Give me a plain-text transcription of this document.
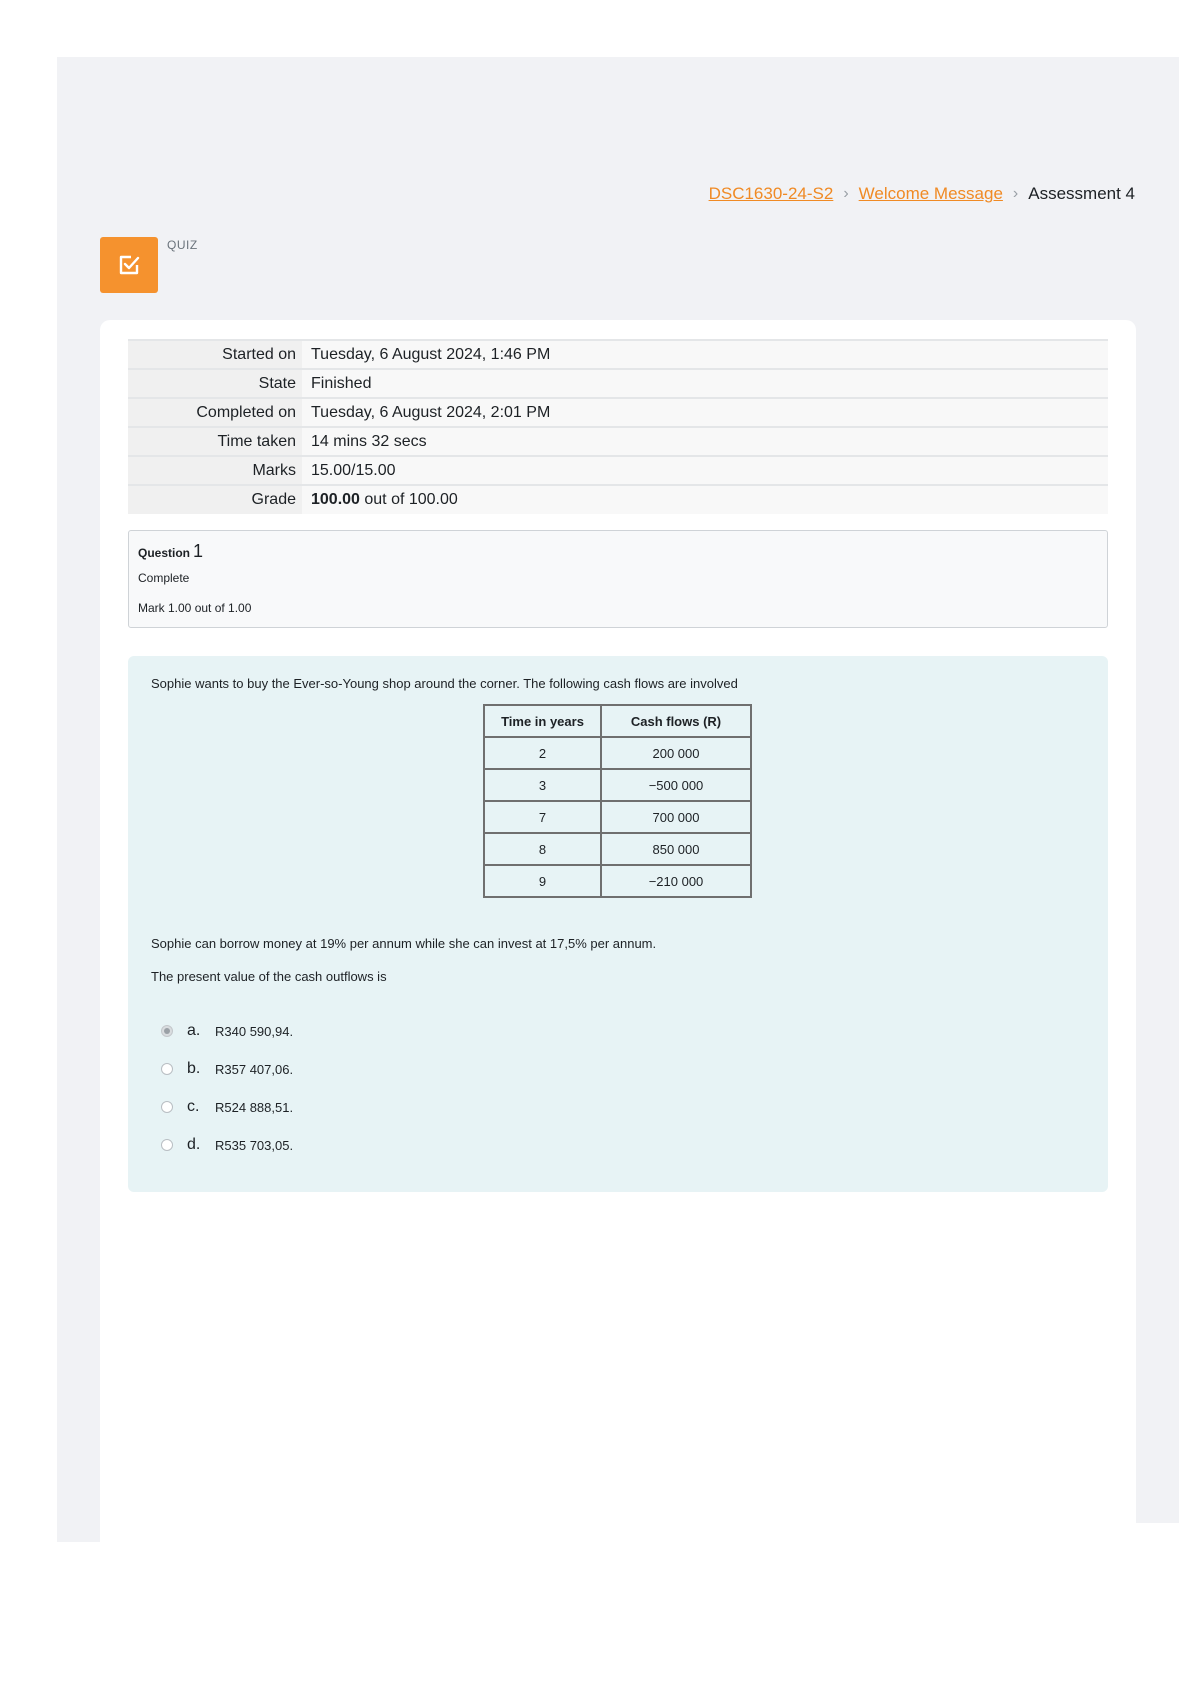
DSC1630-24-S2 › Welcome Message › Assessment 4
QUIZ
Started on	Tuesday, 6 August 2024, 1:46 PM
State	Finished
Completed on	Tuesday, 6 August 2024, 2:01 PM
Time taken	14 mins 32 secs
Marks	15.00/15.00
Grade	100.00 out of 100.00
Question 1
Complete
Mark 1.00 out of 1.00
Sophie wants to buy the Ever-so-Young shop around the corner. The following cash flows are involved
Time in years	Cash flows (R)
2	200 000
3	−500 000
7	700 000
8	850 000
9	−210 000
Sophie can borrow money at 19% per annum while she can invest at 17,5% per annum.
The present value of the cash outflows is
a.	R340 590,94.
b.	R357 407,06.
c.	R524 888,51.
d.	R535 703,05.
